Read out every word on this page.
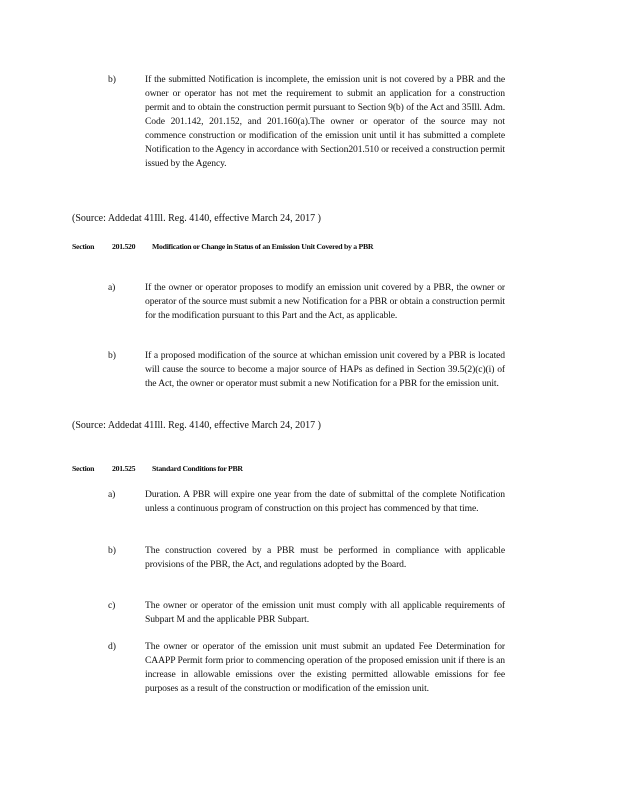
b)	If the submitted Notification is incomplete, the emission unit is not covered by a PBR and the owner or operator has not met the requirement to submit an application for a construction permit and to obtain the construction permit pursuant to Section 9(b) of the Act and 35Ill. Adm. Code 201.142, 201.152, and 201.160(a).The owner or operator of the source may not commence construction or modification of the emission unit until it has submitted a complete Notification to the Agency in accordance with Section201.510 or received a construction permit issued by the Agency.
(Source: Addedat 41Ill. Reg. 4140, effective March 24, 2017 )
Section 201.520 Modification or Change in Status of an Emission Unit Covered by a PBR
a)	If the owner or operator proposes to modify an emission unit covered by a PBR, the owner or operator of the source must submit a new Notification for a PBR or obtain a construction permit for the modification pursuant to this Part and the Act, as applicable.
b)	If a proposed modification of the source at whichan emission unit covered by a PBR is located will cause the source to become a major source of HAPs as defined in Section 39.5(2)(c)(i) of the Act, the owner or operator must submit a new Notification for a PBR for the emission unit.
(Source: Addedat 41Ill. Reg. 4140, effective March 24, 2017 )
Section 201.525 Standard Conditions for PBR
a)	Duration. A PBR will expire one year from the date of submittal of the complete Notification unless a continuous program of construction on this project has commenced by that time.
b)	The construction covered by a PBR must be performed in compliance with applicable provisions of the PBR, the Act, and regulations adopted by the Board.
c)	The owner or operator of the emission unit must comply with all applicable requirements of Subpart M and the applicable PBR Subpart.
d)	The owner or operator of the emission unit must submit an updated Fee Determination for CAAPP Permit form prior to commencing operation of the proposed emission unit if there is an increase in allowable emissions over the existing permitted allowable emissions for fee purposes as a result of the construction or modification of the emission unit.
